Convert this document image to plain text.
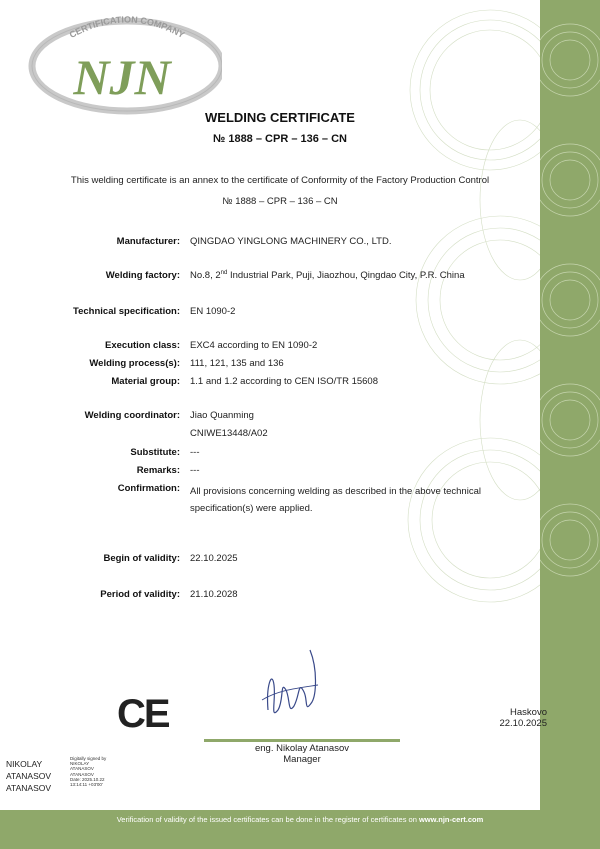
CERTIFICATION COMPANY
NJN
WELDING CERTIFICATE
№ 1888 – CPR – 136 – CN
This welding certificate is an annex to the certificate of Conformity of the Factory Production Control
№ 1888 – CPR – 136 – CN
Manufacturer: QINGDAO YINGLONG MACHINERY CO., LTD.
Welding factory: No.8, 2nd Industrial Park, Puji, Jiaozhou, Qingdao City, P.R. China
Technical specification: EN 1090-2
Execution class: EXC4 according to EN 1090-2
Welding process(s): 111, 121, 135 and 136
Material group: 1.1 and 1.2 according to CEN ISO/TR 15608
Welding coordinator: Jiao Quanming
CNIWE13448/A02
Substitute: ---
Remarks: ---
Confirmation: All provisions concerning welding as described in the above technical specification(s) were applied.
Begin of validity: 22.10.2025
Period of validity: 21.10.2028
CE
eng. Nikolay Atanasov
Manager
Haskovo
22.10.2025
NIKOLAY
ATANASOV
ATANASOV
Digitally signed by
NIKOLAY
ATANASOV
ATANASOV
Date: 2025.10.22
13:14:11 +03'00'
Verification of validity of the issued certificates can be done in the register of certificates on www.njn-cert.com
